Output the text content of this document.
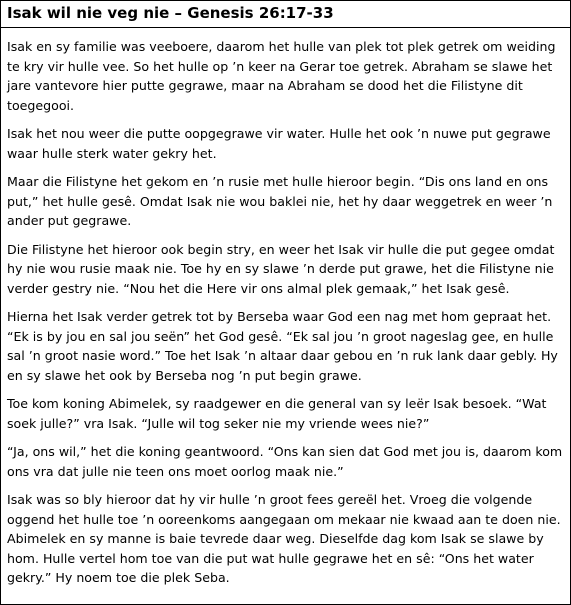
Isak wil nie veg nie – Genesis 26:17-33

Isak en sy familie was veeboere, daarom het hulle van plek tot plek getrek om weiding te kry vir hulle vee. So het hulle op ’n keer na Gerar toe getrek. Abraham se slawe het jare vantevore hier putte gegrawe, maar na Abraham se dood het die Filistyne dit toegegooi.

Isak het nou weer die putte oopgegrawe vir water. Hulle het ook ’n nuwe put gegrawe waar hulle sterk water gekry het.

Maar die Filistyne het gekom en ’n rusie met hulle hieroor begin. “Dis ons land en ons put,” het hulle gesê. Omdat Isak nie wou baklei nie, het hy daar weggetrek en weer ’n ander put gegrawe.

Die Filistyne het hieroor ook begin stry, en weer het Isak vir hulle die put gegee omdat hy nie wou rusie maak nie. Toe hy en sy slawe ’n derde put grawe, het die Filistyne nie verder gestry nie. “Nou het die Here vir ons almal plek gemaak,” het Isak gesê.

Hierna het Isak verder getrek tot by Berseba waar God een nag met hom gepraat het. “Ek is by jou en sal jou seën” het God gesê. “Ek sal jou ’n groot nageslag gee, en hulle sal ’n groot nasie word.” Toe het Isak ’n altaar daar gebou en ’n ruk lank daar gebly. Hy en sy slawe het ook by Berseba nog ’n put begin grawe.

Toe kom koning Abimelek, sy raadgewer en die general van sy leër Isak besoek. “Wat soek julle?” vra Isak. “Julle wil tog seker nie my vriende wees nie?”

“Ja, ons wil,” het die koning geantwoord. “Ons kan sien dat God met jou is, daarom kom ons vra dat julle nie teen ons moet oorlog maak nie.”

Isak was so bly hieroor dat hy vir hulle ’n groot fees gereël het. Vroeg die volgende oggend het hulle toe ’n ooreenkoms aangegaan om mekaar nie kwaad aan te doen nie. Abimelek en sy manne is baie tevrede daar weg. Dieselfde dag kom Isak se slawe by hom. Hulle vertel hom toe van die put wat hulle gegrawe het en sê: “Ons het water gekry.” Hy noem toe die plek Seba.
